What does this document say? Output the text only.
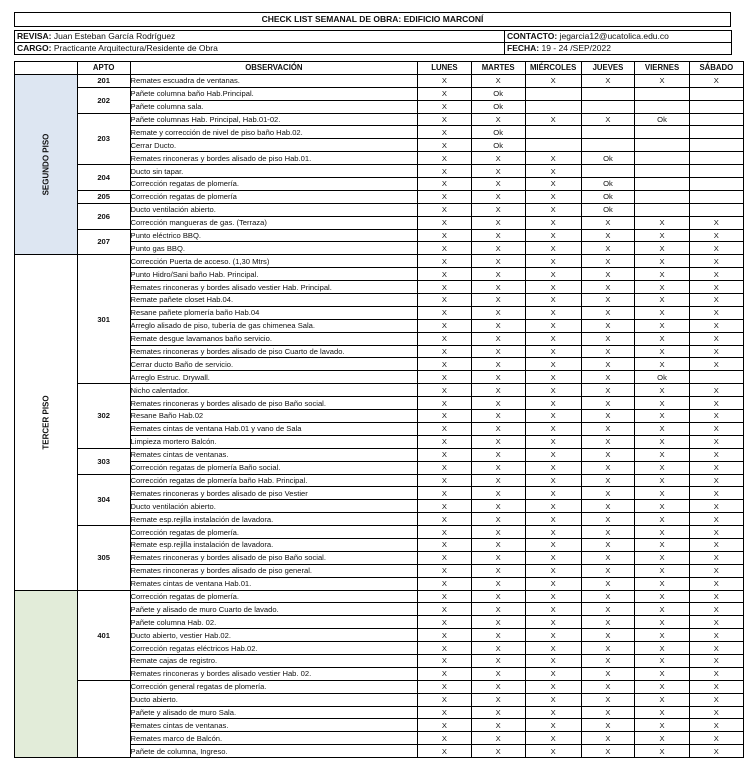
CHECK LIST SEMANAL DE OBRA: EDIFICIO MARCONÍ
REVISA: Juan Esteban García Rodríguez	CONTACTO: jegarcia12@ucatolica.edu.co
CARGO: Practicante Arquitectura/Residente de Obra	FECHA: 19 - 24 /SEP/2022
	APTO	OBSERVACIÓN	LUNES	MARTES	MIÉRCOLES	JUEVES	VIERNES	SÁBADO
SEGUNDO PISO	201	Remates escuadra de ventanas.	X	X	X	X	X	X
	202	Pañete columna baño Hab.Principal.	X	Ok				
		Pañete columna sala.	X	Ok				
	203	Pañete columnas Hab. Principal, Hab.01-02.	X	X	X	X	Ok	
		Remate y corrección de nivel de piso baño Hab.02.	X	Ok				
		Cerrar Ducto.	X	Ok				
		Remates rinconeras y bordes alisado de piso Hab.01.	X	X	X	Ok		
	204	Ducto sin tapar.	X	X	X			
		Corrección regatas de plomería.	X	X	X	Ok		
	205	Corrección regatas de plomería	X	X	X	Ok		
	206	Ducto ventilación abierto.	X	X	X	Ok		
		Corrección mangueras de gas. (Terraza)	X	X	X	X	X	X
	207	Punto eléctrico BBQ.	X	X	X	X	X	X
		Punto gas BBQ.	X	X	X	X	X	X
TERCER PISO	301	Corrección Puerta de acceso. (1,30 Mtrs)	X	X	X	X	X	X
		Punto Hidro/Sani baño Hab. Principal.	X	X	X	X	X	X
		Remates rinconeras y bordes alisado vestier Hab. Principal.	X	X	X	X	X	X
		Remate pañete closet Hab.04.	X	X	X	X	X	X
		Resane pañete plomería baño Hab.04	X	X	X	X	X	X
		Arreglo alisado de piso, tubería de gas chimenea Sala.	X	X	X	X	X	X
		Remate desgue lavamanos baño servicio.	X	X	X	X	X	X
		Remates rinconeras y bordes alisado de piso Cuarto de lavado.	X	X	X	X	X	X
		Cerrar ducto Baño de servicio.	X	X	X	X	X	X
		Arreglo Estruc. Drywall.	X	X	X	X	Ok	
	302	Nicho calentador.	X	X	X	X	X	X
		Remates rinconeras y bordes alisado de piso Baño social.	X	X	X	X	X	X
		Resane Baño Hab.02	X	X	X	X	X	X
		Remates cintas de ventana Hab.01 y vano de Sala	X	X	X	X	X	X
		Limpieza mortero Balcón.	X	X	X	X	X	X
	303	Remates cintas de ventanas.	X	X	X	X	X	X
		Corrección regatas de plomería Baño social.	X	X	X	X	X	X
	304	Corrección regatas de plomería baño Hab. Principal.	X	X	X	X	X	X
		Remates rinconeras y bordes alisado de piso Vestier	X	X	X	X	X	X
		Ducto ventilación abierto.	X	X	X	X	X	X
		Remate esp.rejilla instalación de lavadora.	X	X	X	X	X	X
	305	Corrección regatas de plomería.	X	X	X	X	X	X
		Remate esp.rejilla instalación de lavadora.	X	X	X	X	X	X
		Remates rinconeras y bordes alisado de piso Baño social.	X	X	X	X	X	X
		Remates rinconeras y bordes alisado de piso general.	X	X	X	X	X	X
		Remates cintas de ventana Hab.01.	X	X	X	X	X	X
	401	Corrección regatas de plomería.	X	X	X	X	X	X
		Pañete y alisado de muro Cuarto de lavado.	X	X	X	X	X	X
		Pañete columna Hab. 02.	X	X	X	X	X	X
		Ducto abierto, vestier Hab.02.	X	X	X	X	X	X
		Corrección regatas eléctricos Hab.02.	X	X	X	X	X	X
		Remate cajas de registro.	X	X	X	X	X	X
		Remates rinconeras y bordes alisado vestier Hab. 02.	X	X	X	X	X	X
		Corrección general regatas de plomería.	X	X	X	X	X	X
		Ducto abierto.	X	X	X	X	X	X
		Pañete y alisado de muro Sala.	X	X	X	X	X	X
		Remates cintas de ventanas.	X	X	X	X	X	X
		Remates marco de Balcón.	X	X	X	X	X	X
		Pañete de columna, Ingreso.	X	X	X	X	X	X
